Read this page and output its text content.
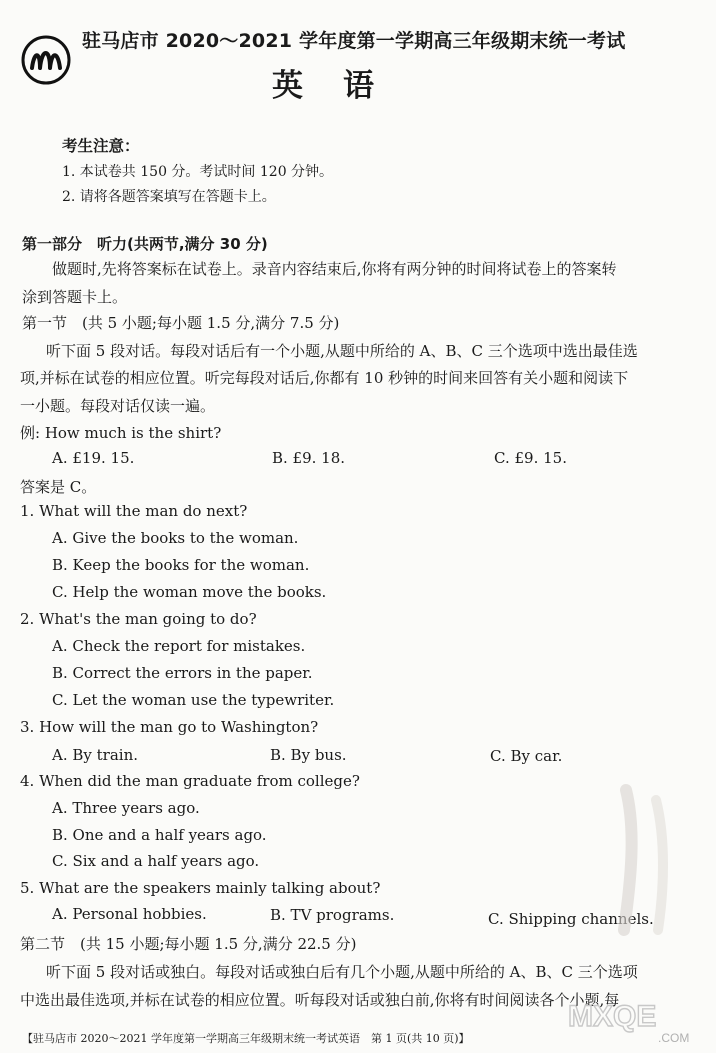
驻马店市 2020～2021 学年度第一学期高三年级期末统一考试
英语
考生注意：
1. 本试卷共 150 分。考试时间 120 分钟。
2. 请将各题答案填写在答题卡上。
第一部分　听力(共两节,满分 30 分)
做题时,先将答案标在试卷上。录音内容结束后,你将有两分钟的时间将试卷上的答案转
涂到答题卡上。
第一节　(共 5 小题;每小题 1.5 分,满分 7.5 分)
听下面 5 段对话。每段对话后有一个小题,从题中所给的 A、B、C 三个选项中选出最佳选
项,并标在试卷的相应位置。听完每段对话后,你都有 10 秒钟的时间来回答有关小题和阅读下
一小题。每段对话仅读一遍。
例: How much is the shirt?
A. £19. 15.	B. £9. 18.	C. £9. 15.
答案是 C。
1. What will the man do next?
A. Give the books to the woman.
B. Keep the books for the woman.
C. Help the woman move the books.
2. What's the man going to do?
A. Check the report for mistakes.
B. Correct the errors in the paper.
C. Let the woman use the typewriter.
3. How will the man go to Washington?
A. By train.	B. By bus.	C. By car.
4. When did the man graduate from college?
A. Three years ago.
B. One and a half years ago.
C. Six and a half years ago.
5. What are the speakers mainly talking about?
A. Personal hobbies.	B. TV programs.	C. Shipping channels.
第二节　(共 15 小题;每小题 1.5 分,满分 22.5 分)
听下面 5 段对话或独白。每段对话或独白后有几个小题,从题中所给的 A、B、C 三个选项
中选出最佳选项,并标在试卷的相应位置。听每段对话或独白前,你将有时间阅读各个小题,每
【驻马店市 2020～2021 学年度第一学期高三年级期末统一考试英语　第 1 页(共 10 页)】
MXQE
.COM
